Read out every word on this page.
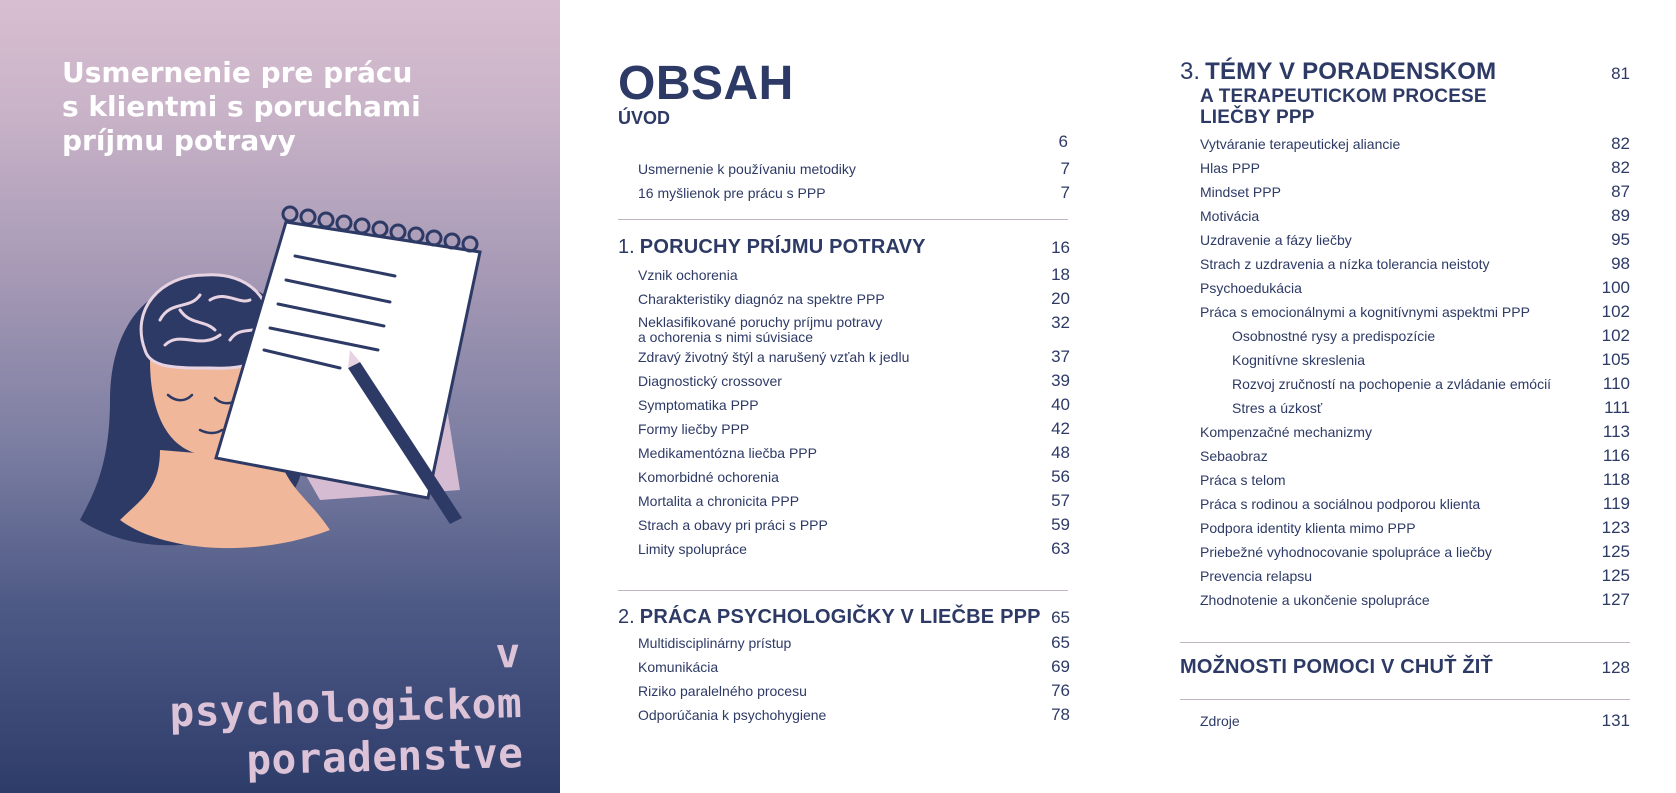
Usmernenie pre prácu
s klientmi s poruchami
príjmu potravy

v psychologickom
poradenstve

OBSAH
ÚVOD
6
Usmernenie k používaniu metodiky	7
16 myšlienok pre prácu s PPP	7
1. PORUCHY PRÍJMU POTRAVY	16
Vznik ochorenia	18
Charakteristiky diagnóz na spektre PPP	20
Neklasifikované poruchy príjmu potravy
a ochorenia s nimi súvisiace
32
Zdravý životný štýl a narušený vzťah k jedlu	37
Diagnostický crossover	39
Symptomatika PPP	40
Formy liečby PPP	42
Medikamentózna liečba PPP	48
Komorbidné ochorenia	56
Mortalita a chronicita PPP	57
Strach a obavy pri práci s PPP	59
Limity spolupráce	63
2. PRÁCA PSYCHOLOGIČKY V LIEČBE PPP 65
Multidisciplinárny prístup	65
Komunikácia	69
Riziko paralelného procesu	76
Odporúčania k psychohygiene	78
3. TÉMY V PORADENSKOM
A TERAPEUTICKOM PROCESE
LIEČBY PPP
81
Vytváranie terapeutickej aliancie	82
Hlas PPP	82
Mindset PPP	87
Motivácia	89
Uzdravenie a fázy liečby	95
Strach z uzdravenia a nízka tolerancia neistoty	98
Psychoedukácia	100
Práca s emocionálnymi a kognitívnymi aspektmi PPP	102
Osobnostné rysy a predispozície	102
Kognitívne skreslenia	105
Rozvoj zručností na pochopenie a zvládanie emócií	110
Stres a úzkosť	111
Kompenzačné mechanizmy	113
Sebaobraz	116
Práca s telom	118
Práca s rodinou a sociálnou podporou klienta	119
Podpora identity klienta mimo PPP	123
Priebežné vyhodnocovanie spolupráce a liečby	125
Prevencia relapsu	125
Zhodnotenie a ukončenie spolupráce	127
MOŽNOSTI POMOCI V CHUŤ ŽIŤ	128
Zdroje	131
